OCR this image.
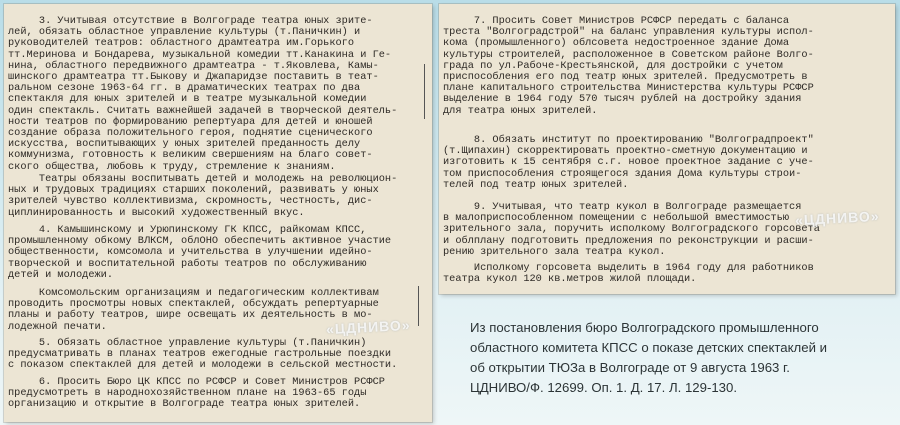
3. Учитывая отсутствие в Волгограде театра юных зрите-
лей, обязать областное управление культуры (т.Паничкин) и
руководителей театров: областного драмтеатра им.Горького
тт.Меринова и Бондарева, музыкальной комедии тт.Канакина и Ге-
нина, областного передвижного драмтеатра - т.Яковлева, Камы-
шинского драмтеатра тт.Быкову и Джапаридзе поставить в теат-
ральном сезоне 1963-64 гг. в драматических театрах по два
спектакля для юных зрителей и в театре музыкальной комедии
один спектакль. Считать важнейшей задачей в творческой деятель-
ности театров по формированию репертуара для детей и юношей
создание образа положительного героя, поднятие сценического
искусства, воспитывающих у юных зрителей преданность делу
коммунизма, готовность к великим свершениям на благо совет-
ского общества, любовь к труду, стремление к знаниям.
Театры обязаны воспитывать детей и молодежь на революцион-
ных и трудовых традициях старших поколений, развивать у юных
зрителей чувство коллективизма, скромность, честность, дис-
циплинированность и высокий художественный вкус.
4. Камышинскому и Урюпинскому ГК КПСС, райкомам КПСС,
промышленному обкому ВЛКСМ, облОНО обеспечить активное участие
общественности, комсомола и учительства в улучшении идейно-
творческой и воспитательной работы театров по обслуживанию
детей и молодежи.
Комсомольским организациям и педагогическим коллективам
проводить просмотры новых спектаклей, обсуждать репертуарные
планы и работу театров, шире освещать их деятельность в мо-
лодежной печати.
5. Обязать областное управление культуры (т.Паничкин)
предусматривать в планах театров ежегодные гастрольные поездки
с показом спектаклей для детей и молодежи в сельской местности.
6. Просить Бюро ЦК КПСС по РСФСР и Совет Министров РСФСР
предусмотреть в народнохозяйственном плане на 1963-65 годы
организацию и открытие в Волгограде театра юных зрителей.
«ЦДНИВО»
7. Просить Совет Министров РСФСР передать с баланса
треста "Волгоградстрой" на баланс управления культуры испол-
кома (промышленного) облсовета недостроенное здание Дома
культуры строителей, расположенное в Советском районе Волго-
града по ул.Рабоче-Крестьянской, для достройки с учетом
приспособления его под театр юных зрителей. Предусмотреть в
плане капитального строительства Министерства культуры РСФСР
выделение в 1964 году 570 тысяч рублей на достройку здания
для театра юных зрителей.
8. Обязать институт по проектированию "Волгоградпроект"
(т.Щипахин) скорректировать проектно-сметную документацию и
изготовить к 15 сентября с.г. новое проектное задание с уче-
том приспособления строящегося здания Дома культуры строи-
телей под театр юных зрителей.
9. Учитывая, что театр кукол в Волгограде размещается
в малоприспособленном помещении с небольшой вместимостью
зрительного зала, поручить исполкому Волгоградского горсовета
и облплану подготовить предложения по реконструкции и расши-
рению зрительного зала театра кукол.
Исполкому горсовета выделить в 1964 году для работников
театра кукол 120 кв.метров жилой площади.
«ЦДНИВО»
Из постановления бюро Волгоградского промышленного
областного комитета КПСС о показе детских спектаклей и
об открытии ТЮЗа в Волгограде от 9 августа 1963 г.
ЦДНИВО/Ф. 12699. Оп. 1. Д. 17. Л. 129-130.
